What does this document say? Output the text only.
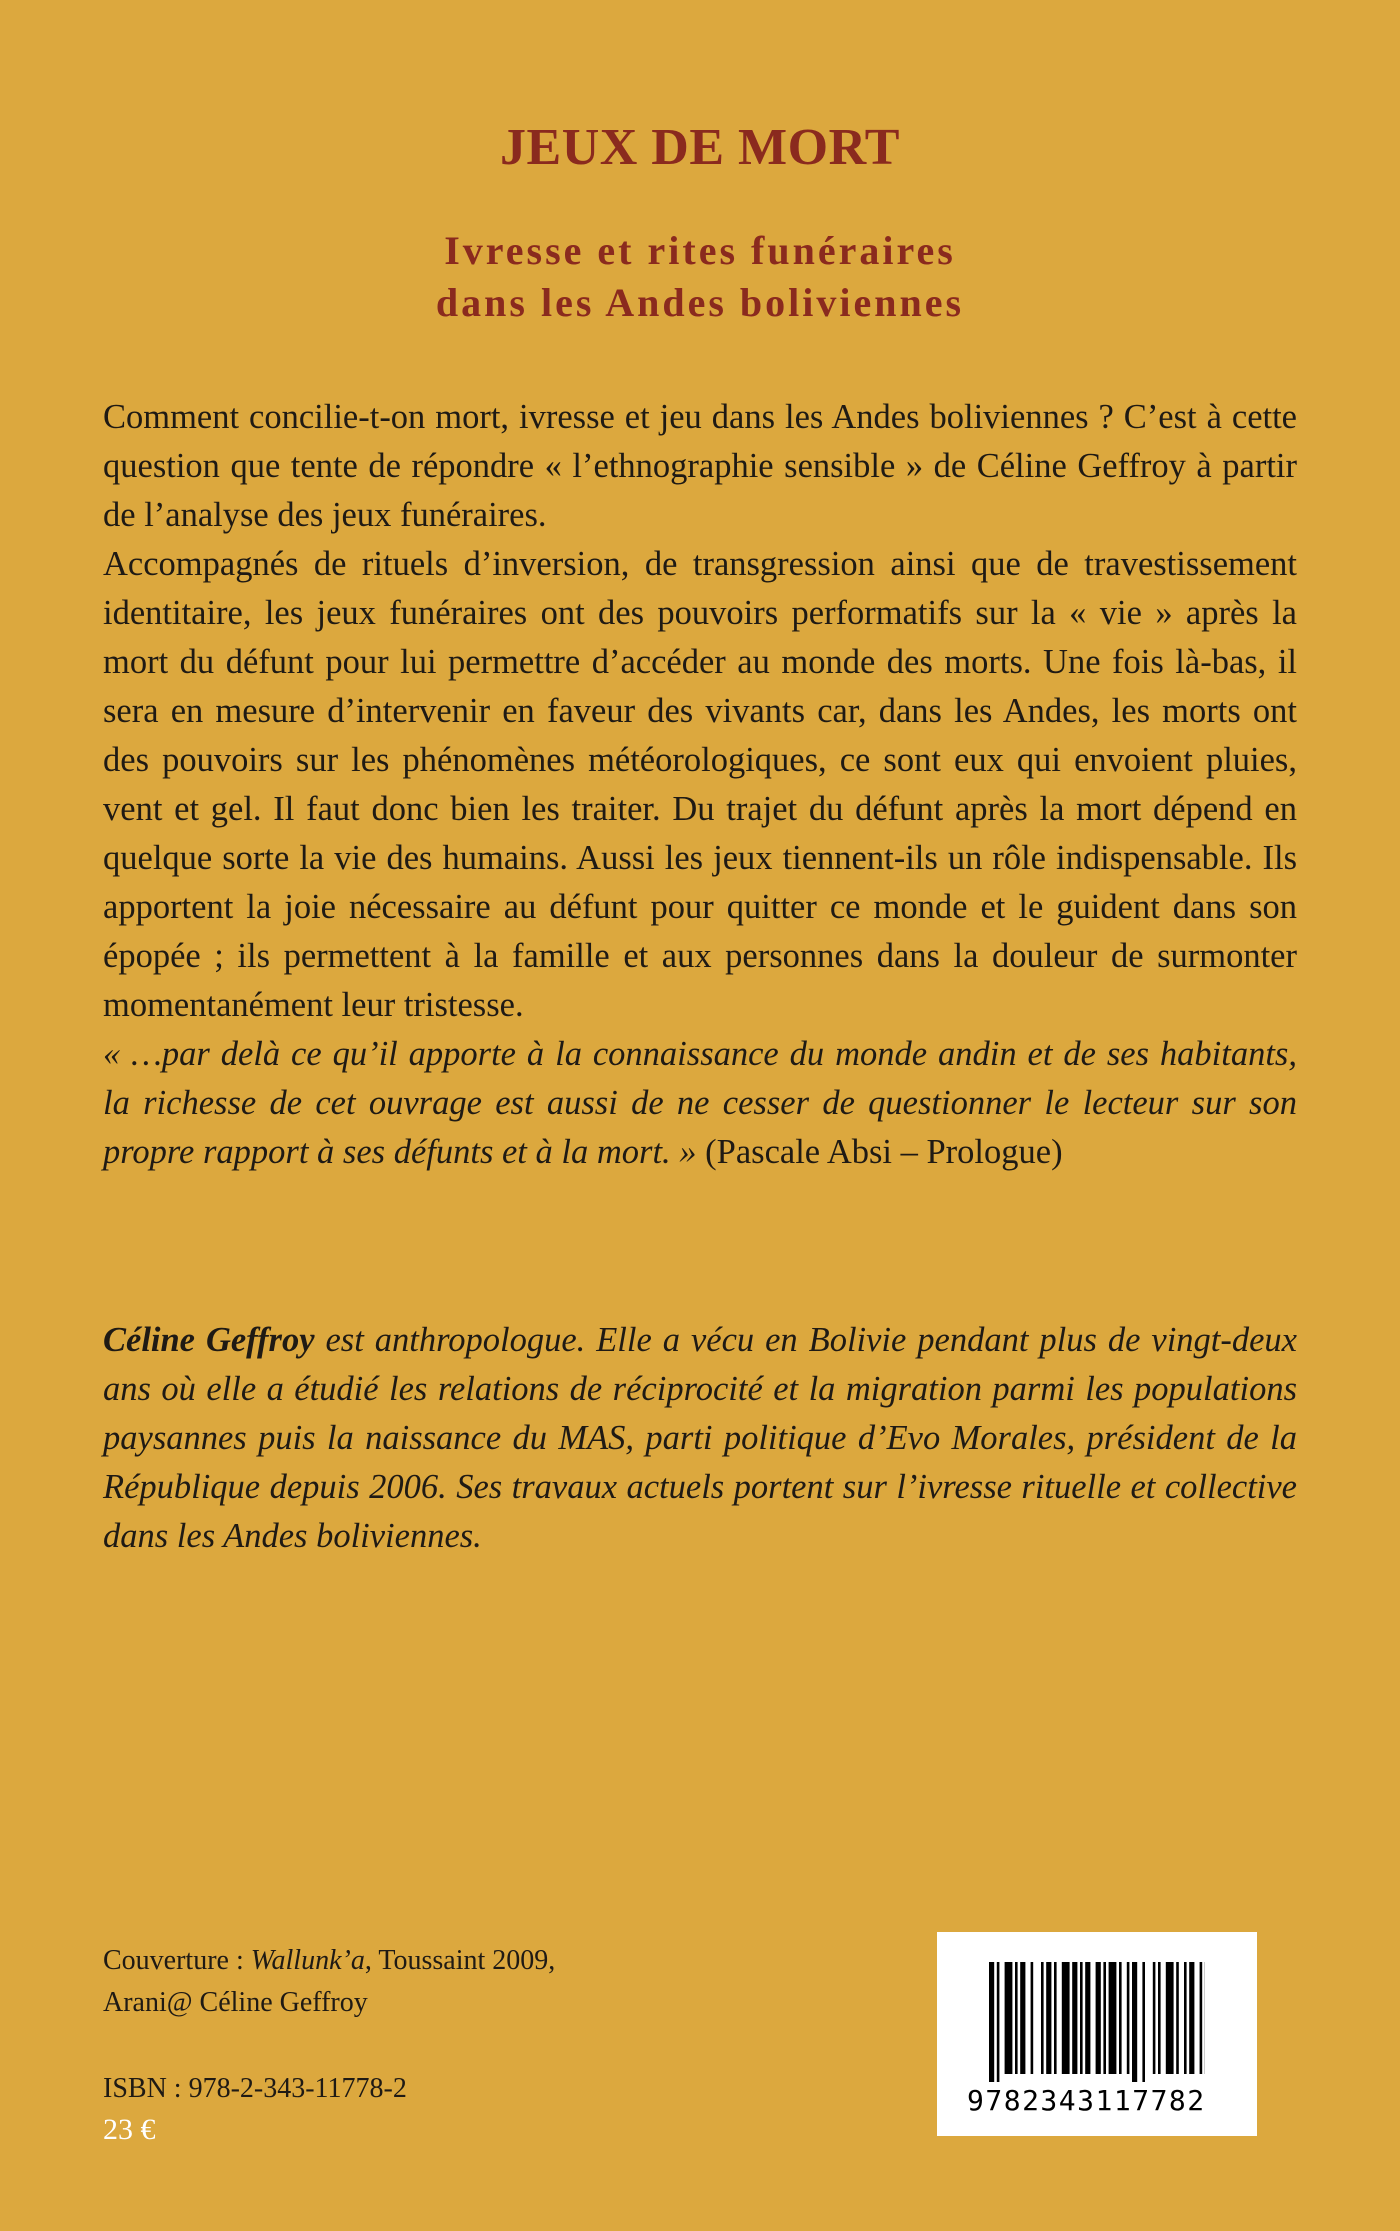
JEUX DE MORT
Ivresse et rites funéraires
dans les Andes boliviennes

Comment concilie-t-on mort, ivresse et jeu dans les Andes boliviennes ? C’est à cette question que tente de répondre « l’ethnographie sensible » de Céline Geffroy à partir de l’analyse des jeux funéraires.

Accompagnés de rituels d’inversion, de transgression ainsi que de travestissement identitaire, les jeux funéraires ont des pouvoirs performatifs sur la « vie » après la mort du défunt pour lui permettre d’accéder au monde des morts. Une fois là-bas, il sera en mesure d’intervenir en faveur des vivants car, dans les Andes, les morts ont des pouvoirs sur les phénomènes météorologiques, ce sont eux qui envoient pluies, vent et gel. Il faut donc bien les traiter. Du trajet du défunt après la mort dépend en quelque sorte la vie des humains. Aussi les jeux tiennent-ils un rôle indispensable. Ils apportent la joie nécessaire au défunt pour quitter ce monde et le guident dans son épopée ; ils permettent à la famille et aux personnes dans la douleur de surmonter momentanément leur tristesse.

« …par delà ce qu’il apporte à la connaissance du monde andin et de ses habitants, la richesse de cet ouvrage est aussi de ne cesser de questionner le lecteur sur son propre rapport à ses défunts et à la mort. » (Pascale Absi – Prologue)

Céline Geffroy est anthropologue. Elle a vécu en Bolivie pendant plus de vingt-deux ans où elle a étudié les relations de réciprocité et la migration parmi les populations paysannes puis la naissance du MAS, parti politique d’Evo Morales, président de la République depuis 2006. Ses travaux actuels portent sur l’ivresse rituelle et collective dans les Andes boliviennes.
Couverture : Wallunk’a, Toussaint 2009,
Arani@ Céline Geffroy
ISBN : 978-2-343-11778-2
23 €
9782343117782
